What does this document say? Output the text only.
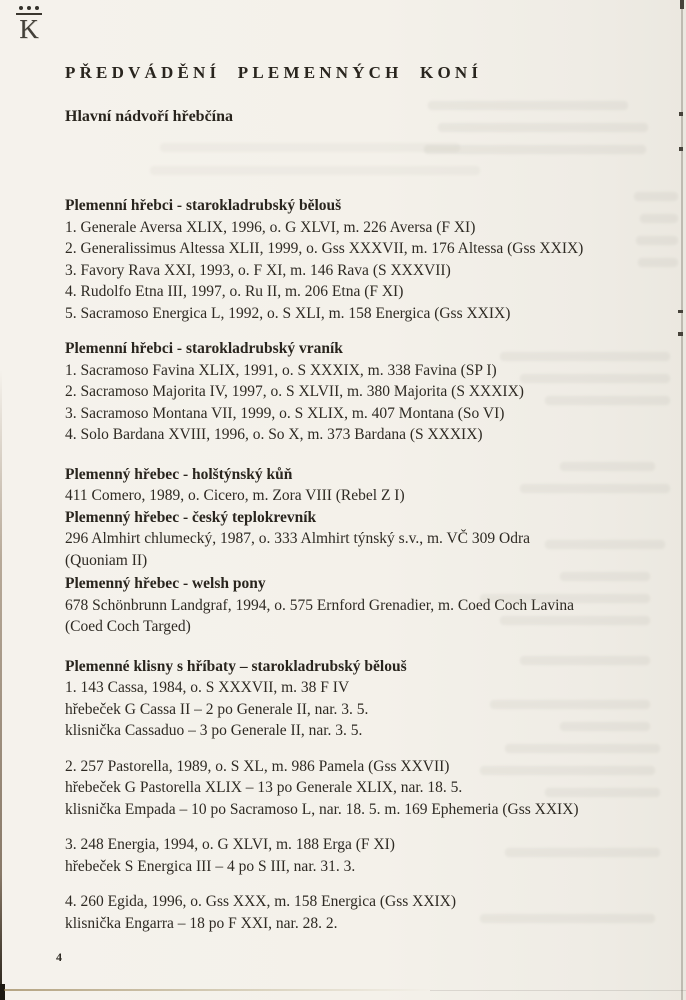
K
PŘEDVÁDĚNÍ PLEMENNÝCH KONÍ
Hlavní nádvoří hřebčína
Plemenní hřebci - starokladrubský bělouš

1. Generale Aversa XLIX, 1996, o. G XLVI, m. 226 Aversa (F XI)

2. Generalissimus Altessa XLII, 1999, o. Gss XXXVII, m. 176 Altessa (Gss XXIX)

3. Favory Rava XXI, 1993, o. F XI, m. 146 Rava (S XXXVII)

4. Rudolfo Etna III, 1997, o. Ru II, m. 206 Etna (F XI)

5. Sacramoso Energica L, 1992, o. S XLI, m. 158 Energica (Gss XXIX)

Plemenní hřebci - starokladrubský vraník

1. Sacramoso Favina XLIX, 1991, o. S XXXIX, m. 338 Favina (SP I)

2. Sacramoso Majorita IV, 1997, o. S XLVII, m. 380 Majorita (S XXXIX)

3. Sacramoso Montana VII, 1999, o. S XLIX, m. 407 Montana (So VI)

4. Solo Bardana XVIII, 1996, o. So X, m. 373 Bardana (S XXXIX)

Plemenný hřebec - holštýnský kůň

411 Comero, 1989, o. Cicero, m. Zora VIII (Rebel Z I)

Plemenný hřebec - český teplokrevník

296 Almhirt chlumecký, 1987, o. 333 Almhirt týnský s.v., m. VČ 309 Odra

(Quoniam II)

Plemenný hřebec - welsh pony

678 Schönbrunn Landgraf, 1994, o. 575 Ernford Grenadier, m. Coed Coch Lavina

(Coed Coch Targed)

Plemenné klisny s hříbaty – starokladrubský bělouš

1. 143 Cassa, 1984, o. S XXXVII, m. 38 F IV

hřebeček G Cassa II – 2 po Generale II, nar. 3. 5.

klisnička Cassaduo – 3 po Generale II, nar. 3. 5.

2. 257 Pastorella, 1989, o. S XL, m. 986 Pamela (Gss XXVII)

hřebeček G Pastorella XLIX – 13 po Generale XLIX, nar. 18. 5.

klisnička Empada – 10 po Sacramoso L, nar. 18. 5. m. 169 Ephemeria (Gss XXIX)

3. 248 Energia, 1994, o. G XLVI, m. 188 Erga (F XI)

hřebeček S Energica III – 4 po S III, nar. 31. 3.

4. 260 Egida, 1996, o. Gss XXX, m. 158 Energica (Gss XXIX)

klisnička Engarra – 18 po F XXI, nar. 28. 2.

4
